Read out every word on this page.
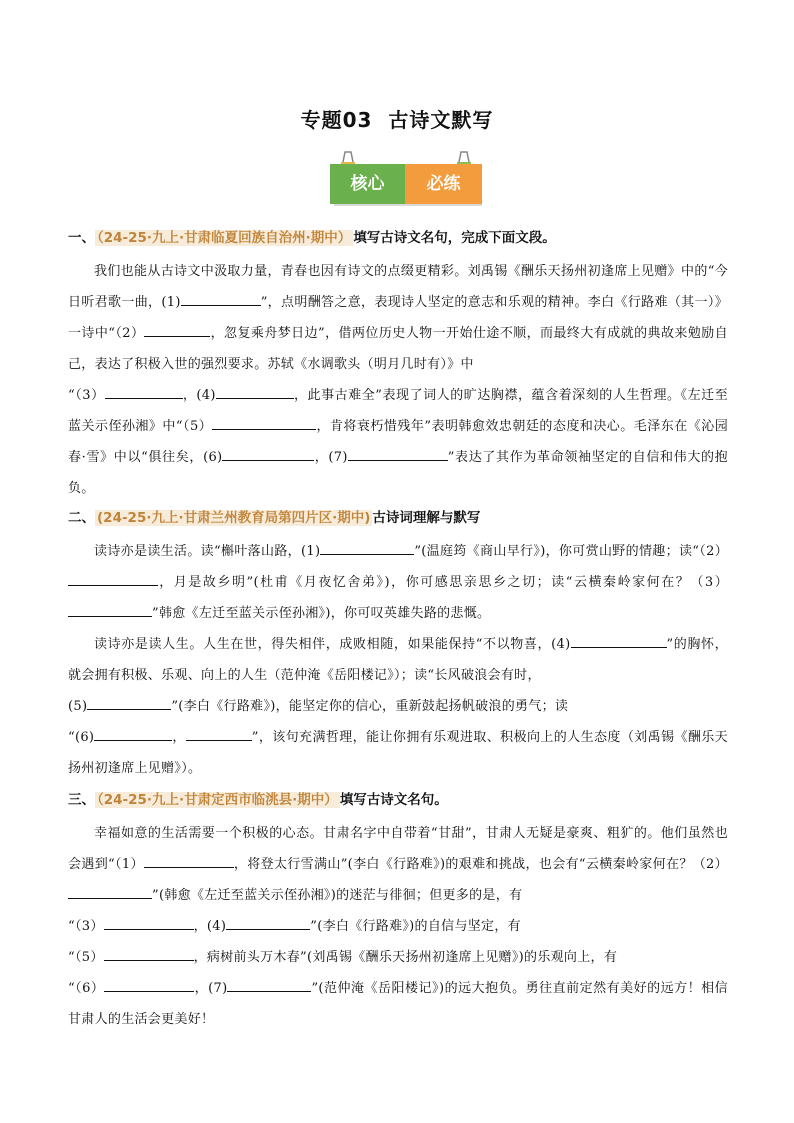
专题03 古诗文默写
核心	必练
一、 （24-25·九上·甘肃临夏回族自治州·期中） 填写古诗文名句，完成下面文段。
我们也能从古诗文中汲取力量，青春也因有诗文的点缀更精彩。刘禹锡《酬乐天扬州初逢席上见赠》中的“今日听君歌一曲，(1)	”，点明酬答之意，表现诗人坚定的意志和乐观的精神。李白《行路难（其一）》一诗中“（2）	，忽复乘舟梦日边”，借两位历史人物一开始仕途不顺，而最终大有成就的典故来勉励自己，表达了积极入世的强烈要求。苏轼《水调歌头（明月几时有）》中
“（3）	，(4)	，此事古难全”表现了词人的旷达胸襟，蕴含着深刻的人生哲理。《左迁至蓝关示侄孙湘》中“（5）	，肯将衰朽惜残年”表明韩愈效忠朝廷的态度和决心。毛泽东在《沁园春·雪》中以“俱往矣，(6)	，(7)	”表达了其作为革命领袖坚定的自信和伟大的抱负。
二、 (24-25·九上·甘肃兰州教育局第四片区·期中) 古诗词理解与默写
读诗亦是读生活。读“槲叶落山路，(1)	”(温庭筠《商山早行》)，你可赏山野的情趣；读“（2），月是故乡明”(杜甫《月夜忆舍弟》)，你可感思亲思乡之切；读“云横秦岭家何在？（3）”韩愈《左迁至蓝关示侄孙湘》)，你可叹英雄失路的悲慨。
读诗亦是读人生。人生在世，得失相伴，成败相随，如果能保持“不以物喜，(4)	”的胸怀，就会拥有积极、乐观、向上的人生（范仲淹《岳阳楼记》）；读“长风破浪会有时，
(5)	”(李白《行路难》)，能坚定你的信心，重新鼓起扬帆破浪的勇气；读
“(6)	，	”，该句充满哲理，能让你拥有乐观进取、积极向上的人生态度（刘禹锡《酬乐天扬州初逢席上见赠》）。
三、 （24-25·九上·甘肃定西市临洮县·期中） 填写古诗文名句。
幸福如意的生活需要一个积极的心态。甘肃名字中自带着“甘甜”，甘肃人无疑是豪爽、粗犷的。他们虽然也会遇到“（1）	，将登太行雪满山”(李白《行路难》)的艰难和挑战，也会有“云横秦岭家何在？（2）”(韩愈《左迁至蓝关示侄孙湘》)的迷茫与徘徊；但更多的是，有
“（3）	，(4)	”(李白《行路难》)的自信与坚定，有
“（5）	，病树前头万木春”(刘禹锡《酬乐天扬州初逢席上见赠》)的乐观向上，有
“（6）	，(7)	”(范仲淹《岳阳楼记》)的远大抱负。勇往直前定然有美好的远方！相信甘肃人的生活会更美好！
